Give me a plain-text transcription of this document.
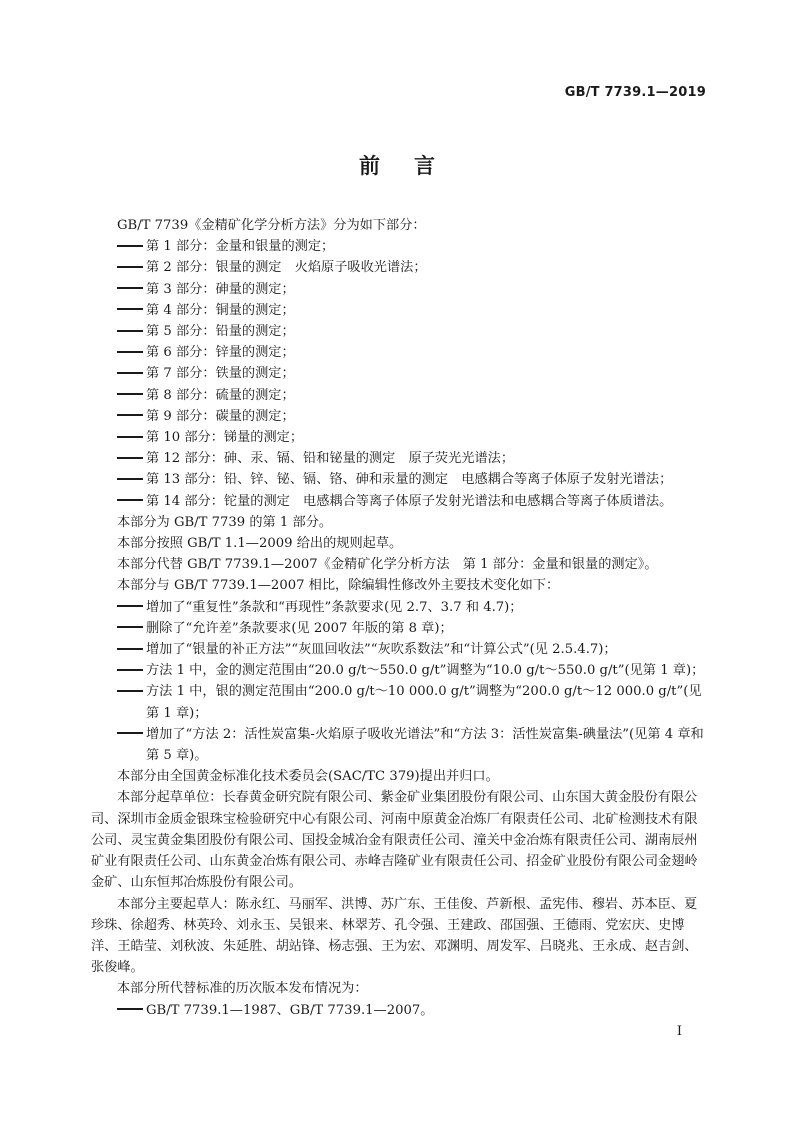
GB/T 7739.1—2019
前言

GB/T 7739《金精矿化学分析方法》分为如下部分：

第 1 部分：金量和银量的测定；

第 2 部分：银量的测定　火焰原子吸收光谱法；

第 3 部分：砷量的测定；

第 4 部分：铜量的测定；

第 5 部分：铅量的测定；

第 6 部分：锌量的测定；

第 7 部分：铁量的测定；

第 8 部分：硫量的测定；

第 9 部分：碳量的测定；

第 10 部分：锑量的测定；

第 12 部分：砷、汞、镉、铅和铋量的测定　原子荧光光谱法；

第 13 部分：铅、锌、铋、镉、铬、砷和汞量的测定　电感耦合等离子体原子发射光谱法；

第 14 部分：铊量的测定　电感耦合等离子体原子发射光谱法和电感耦合等离子体质谱法。

本部分为 GB/T 7739 的第 1 部分。

本部分按照 GB/T 1.1—2009 给出的规则起草。

本部分代替 GB/T 7739.1—2007《金精矿化学分析方法　第 1 部分：金量和银量的测定》。

本部分与 GB/T 7739.1—2007 相比，除编辑性修改外主要技术变化如下：

增加了“重复性”条款和“再现性”条款要求(见 2.7、3.7 和 4.7)；

删除了“允许差”条款要求(见 2007 年版的第 8 章)；

增加了“银量的补正方法”“灰皿回收法”“灰吹系数法”和“计算公式”(见 2.5.4.7)；

方法 1 中，金的测定范围由“20.0 g/t～550.0 g/t”调整为“10.0 g/t～550.0 g/t”(见第 1 章)；

方法 1 中，银的测定范围由“200.0 g/t～10 000.0 g/t”调整为“200.0 g/t～12 000.0 g/t”(见第 1 章)；

增加了“方法 2：活性炭富集-火焰原子吸收光谱法”和“方法 3：活性炭富集-碘量法”(见第 4 章和第 5 章)。

本部分由全国黄金标准化技术委员会(SAC/TC 379)提出并归口。

本部分起草单位：长春黄金研究院有限公司、紫金矿业集团股份有限公司、山东国大黄金股份有限公司、深圳市金质金银珠宝检验研究中心有限公司、河南中原黄金冶炼厂有限责任公司、北矿检测技术有限公司、灵宝黄金集团股份有限公司、国投金城冶金有限责任公司、潼关中金冶炼有限责任公司、湖南辰州矿业有限责任公司、山东黄金冶炼有限公司、赤峰吉隆矿业有限责任公司、招金矿业股份有限公司金翅岭金矿、山东恒邦冶炼股份有限公司。

本部分主要起草人：陈永红、马丽军、洪博、苏广东、王佳俊、芦新根、孟宪伟、穆岩、苏本臣、夏珍珠、徐超秀、林英玲、刘永玉、吴银来、林翠芳、孔令强、王建政、邵国强、王德雨、党宏庆、史博洋、王皓莹、刘秋波、朱延胜、胡站锋、杨志强、王为宏、邓渊明、周发军、吕晓兆、王永成、赵吉剑、张俊峰。

本部分所代替标准的历次版本发布情况为：

GB/T 7739.1—1987、GB/T 7739.1—2007。

I
